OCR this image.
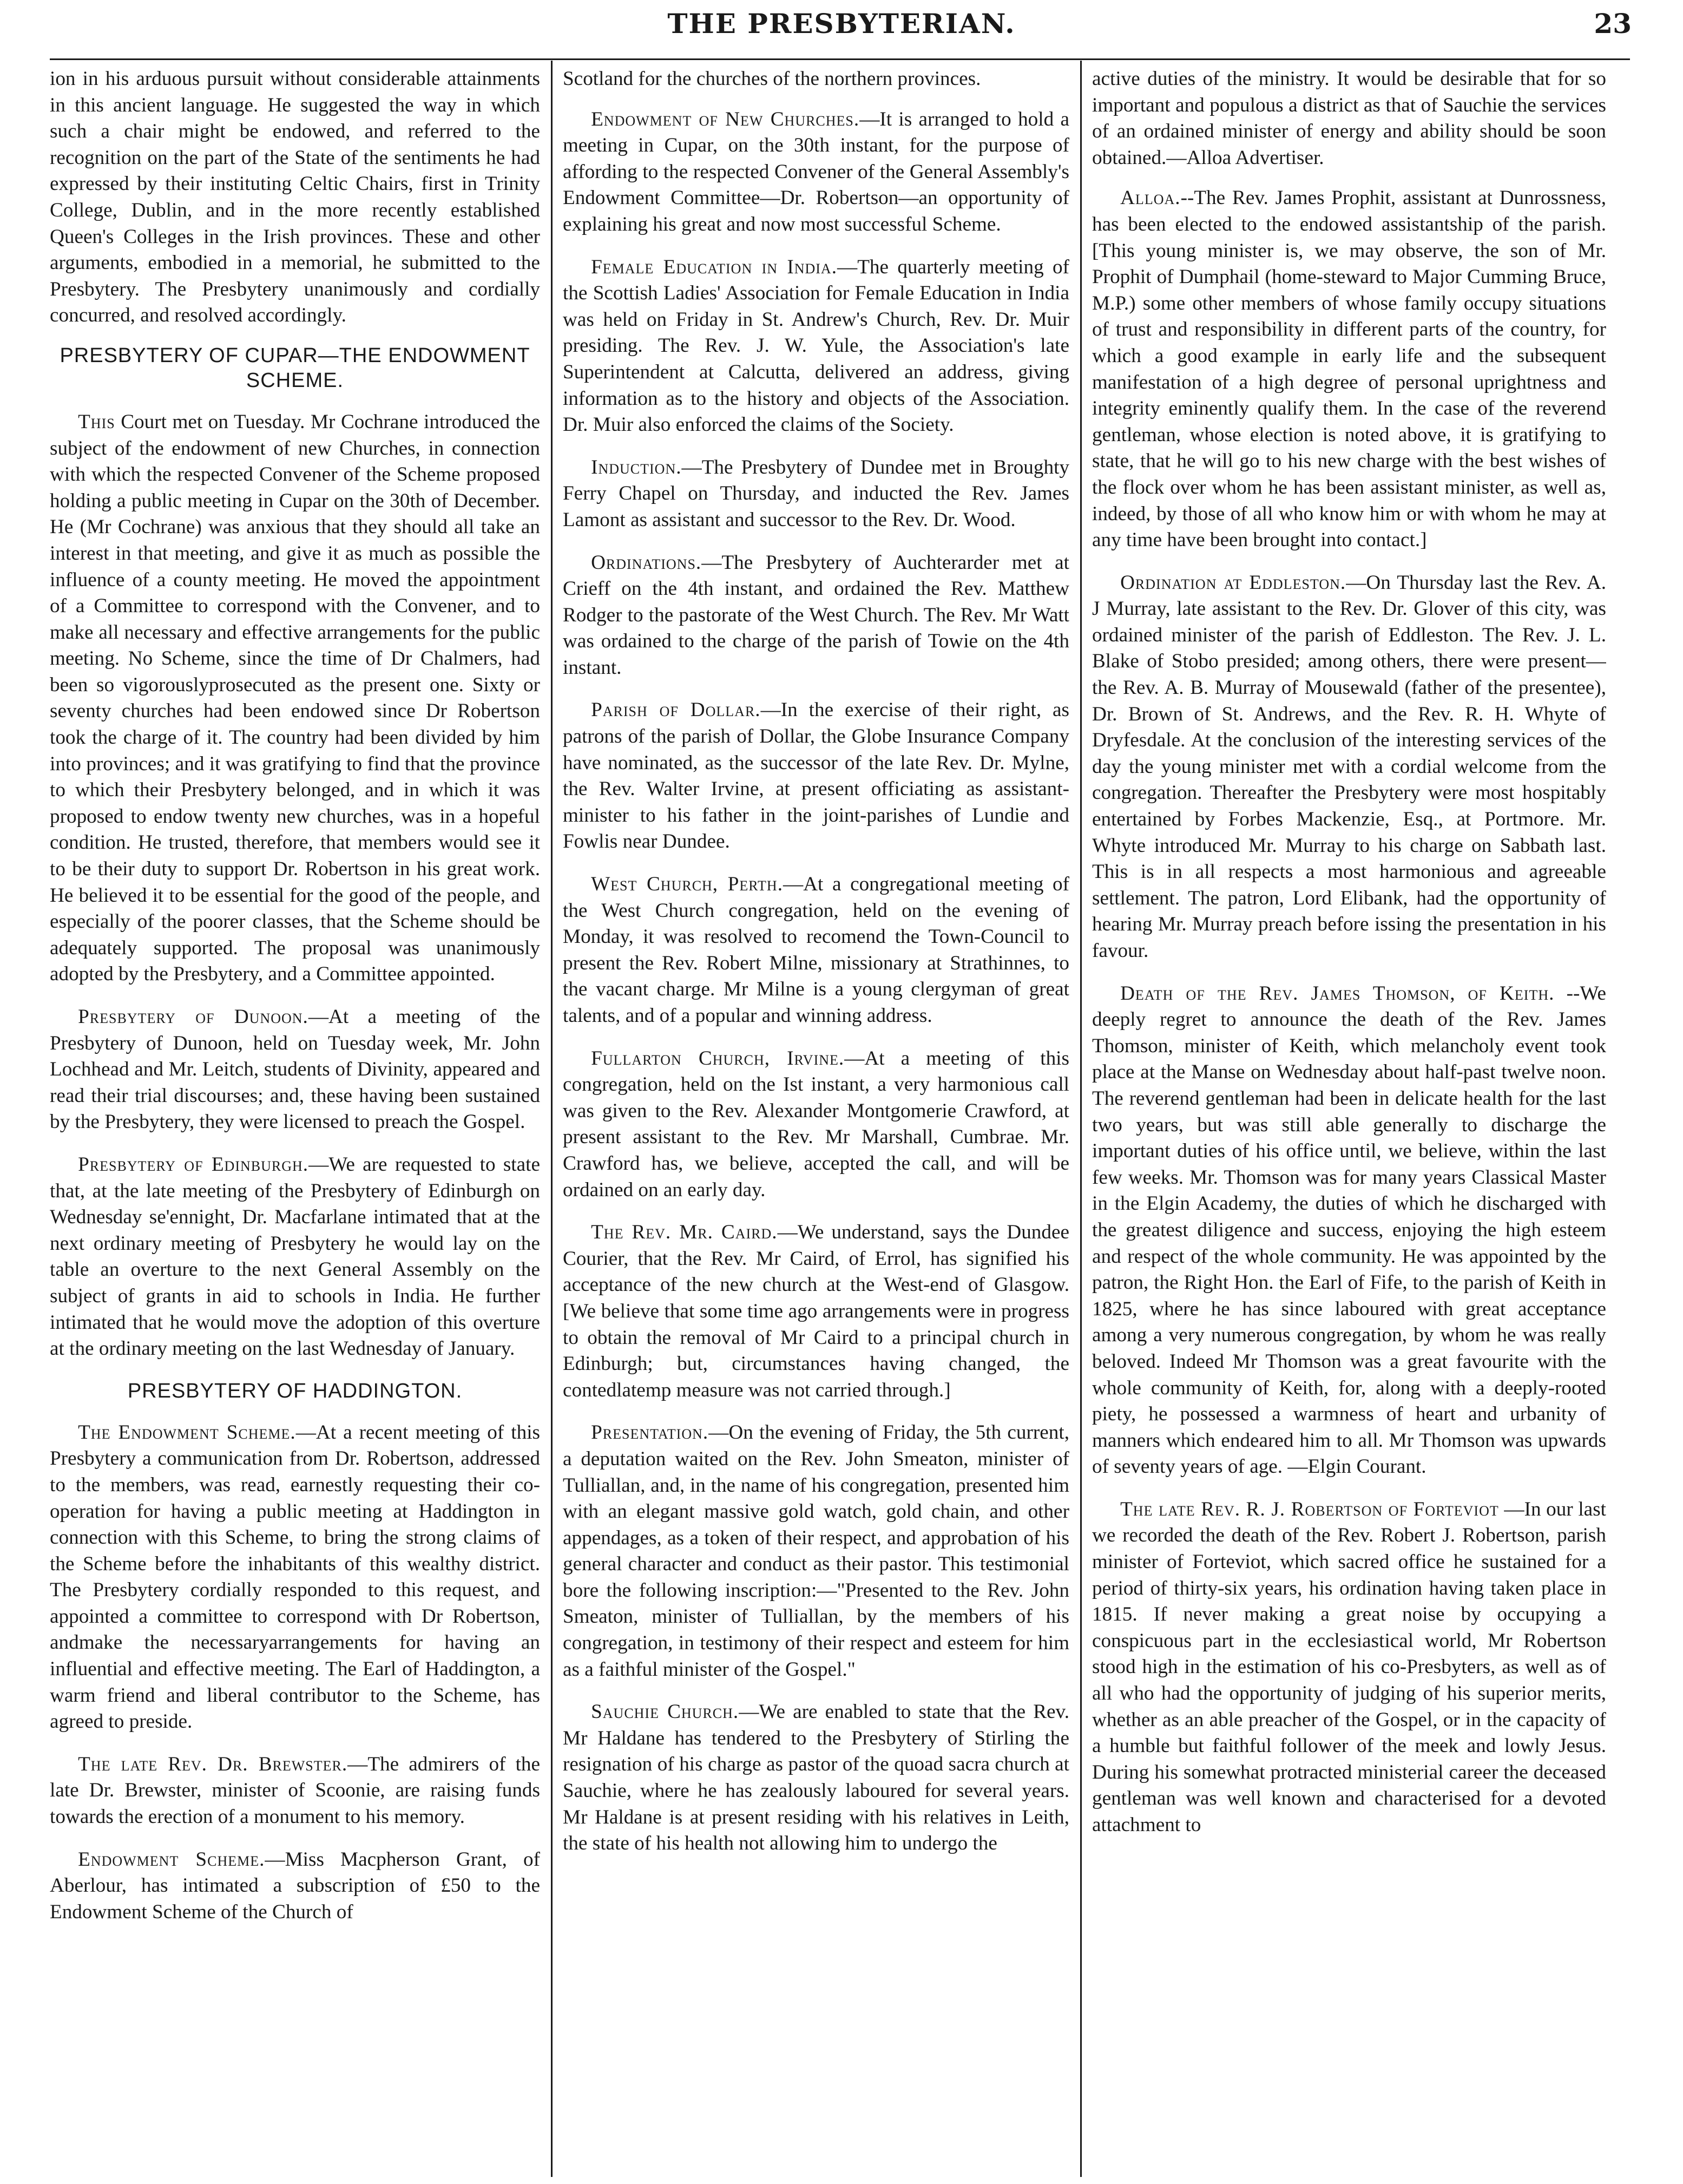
THE PRESBYTERIAN.	23

ion in his arduous pursuit without considerable attainments in this ancient language. He suggested the way in which such a chair might be endowed, and referred to the recognition on the part of the State of the sentiments he had expressed by their instituting Celtic Chairs, first in Trinity College, Dublin, and in the more recently established Queen's Colleges in the Irish provinces. These and other arguments, embodied in a memorial, he submitted to the Presbytery. The Presbytery unanimously and cordially concurred, and resolved accordingly.

PRESBYTERY OF CUPAR—THE ENDOWMENT SCHEME.

This Court met on Tuesday. Mr Cochrane introduced the subject of the endowment of new Churches, in connection with which the respected Convener of the Scheme proposed holding a public meeting in Cupar on the 30th of December. He (Mr Cochrane) was anxious that they should all take an interest in that meeting, and give it as much as possible the influence of a county meeting. He moved the appointment of a Committee to correspond with the Convener, and to make all necessary and effective arrangements for the public meeting. No Scheme, since the time of Dr Chalmers, had been so vigorouslyprosecuted as the present one. Sixty or seventy churches had been endowed since Dr Robertson took the charge of it. The country had been divided by him into provinces; and it was gratifying to find that the province to which their Presbytery belonged, and in which it was proposed to endow twenty new churches, was in a hopeful condition. He trusted, therefore, that members would see it to be their duty to support Dr. Robertson in his great work. He believed it to be essential for the good of the people, and especially of the poorer classes, that the Scheme should be adequately supported. The proposal was unanimously adopted by the Presbytery, and a Committee appointed.

Presbytery of Dunoon.—At a meeting of the Presbytery of Dunoon, held on Tuesday week, Mr. John Lochhead and Mr. Leitch, students of Divinity, appeared and read their trial discourses; and, these having been sustained by the Presbytery, they were licensed to preach the Gospel.

Presbytery of Edinburgh.—We are requested to state that, at the late meeting of the Presbytery of Edinburgh on Wednesday se'ennight, Dr. Macfarlane intimated that at the next ordinary meeting of Presbytery he would lay on the table an overture to the next General Assembly on the subject of grants in aid to schools in India. He further intimated that he would move the adoption of this overture at the ordinary meeting on the last Wednesday of January.

PRESBYTERY OF HADDINGTON.

The Endowment Scheme.—At a recent meeting of this Presbytery a communication from Dr. Robertson, addressed to the members, was read, earnestly requesting their co-operation for having a public meeting at Haddington in connection with this Scheme, to bring the strong claims of the Scheme before the inhabitants of this wealthy district. The Presbytery cordially responded to this request, and appointed a committee to correspond with Dr Robertson, andmake the necessaryarrangements for having an influential and effective meeting. The Earl of Haddington, a warm friend and liberal contributor to the Scheme, has agreed to preside.

The late Rev. Dr. Brewster.—The admirers of the late Dr. Brewster, minister of Scoonie, are raising funds towards the erection of a monument to his memory.

Endowment Scheme.—Miss Macpherson Grant, of Aberlour, has intimated a subscription of £50 to the Endowment Scheme of the Church of

Scotland for the churches of the northern provinces.

Endowment of New Churches.—It is arranged to hold a meeting in Cupar, on the 30th instant, for the purpose of affording to the respected Convener of the General Assembly's Endowment Committee—Dr. Robertson—an opportunity of explaining his great and now most successful Scheme.

Female Education in India.—The quarterly meeting of the Scottish Ladies' Association for Female Education in India was held on Friday in St. Andrew's Church, Rev. Dr. Muir presiding. The Rev. J. W. Yule, the Association's late Superintendent at Calcutta, delivered an address, giving information as to the history and objects of the Association. Dr. Muir also enforced the claims of the Society.

Induction.—The Presbytery of Dundee met in Broughty Ferry Chapel on Thursday, and inducted the Rev. James Lamont as assistant and successor to the Rev. Dr. Wood.

Ordinations.—The Presbytery of Auchterarder met at Crieff on the 4th instant, and ordained the Rev. Matthew Rodger to the pastorate of the West Church. The Rev. Mr Watt was ordained to the charge of the parish of Towie on the 4th instant.

Parish of Dollar.—In the exercise of their right, as patrons of the parish of Dollar, the Globe Insurance Company have nominated, as the successor of the late Rev. Dr. Mylne, the Rev. Walter Irvine, at present officiating as assistant-minister to his father in the joint-parishes of Lundie and Fowlis near Dundee.

West Church, Perth.—At a congregational meeting of the West Church congregation, held on the evening of Monday, it was resolved to recomend the Town-Council to present the Rev. Robert Milne, missionary at Strathinnes, to the vacant charge. Mr Milne is a young clergyman of great talents, and of a popular and winning address.

Fullarton Church, Irvine.—At a meeting of this congregation, held on the Ist instant, a very harmonious call was given to the Rev. Alexander Montgomerie Crawford, at present assistant to the Rev. Mr Marshall, Cumbrae. Mr. Crawford has, we believe, accepted the call, and will be ordained on an early day.

The Rev. Mr. Caird.—We understand, says the Dundee Courier, that the Rev. Mr Caird, of Errol, has signified his acceptance of the new church at the West-end of Glasgow. [We believe that some time ago arrangements were in progress to obtain the removal of Mr Caird to a principal church in Edinburgh; but, circumstances having changed, the contedlatemp measure was not carried through.]

Presentation.—On the evening of Friday, the 5th current, a deputation waited on the Rev. John Smeaton, minister of Tulliallan, and, in the name of his congregation, presented him with an elegant massive gold watch, gold chain, and other appendages, as a token of their respect, and approbation of his general character and conduct as their pastor. This testimonial bore the following inscription:—"Presented to the Rev. John Smeaton, minister of Tulliallan, by the members of his congregation, in testimony of their respect and esteem for him as a faithful minister of the Gospel."

Sauchie Church.—We are enabled to state that the Rev. Mr Haldane has tendered to the Presbytery of Stirling the resignation of his charge as pastor of the quoad sacra church at Sauchie, where he has zealously laboured for several years. Mr Haldane is at present residing with his relatives in Leith, the state of his health not allowing him to undergo the

active duties of the ministry. It would be desirable that for so important and populous a district as that of Sauchie the services of an ordained minister of energy and ability should be soon obtained.—Alloa Advertiser.

Alloa.--The Rev. James Prophit, assistant at Dunrossness, has been elected to the endowed assistantship of the parish. [This young minister is, we may observe, the son of Mr. Prophit of Dumphail (home-steward to Major Cumming Bruce, M.P.) some other members of whose family occupy situations of trust and responsibility in different parts of the country, for which a good example in early life and the subsequent manifestation of a high degree of personal uprightness and integrity eminently qualify them. In the case of the reverend gentleman, whose election is noted above, it is gratifying to state, that he will go to his new charge with the best wishes of the flock over whom he has been assistant minister, as well as, indeed, by those of all who know him or with whom he may at any time have been brought into contact.]

Ordination at Eddleston.—On Thursday last the Rev. A. J Murray, late assistant to the Rev. Dr. Glover of this city, was ordained minister of the parish of Eddleston. The Rev. J. L. Blake of Stobo presided; among others, there were present—the Rev. A. B. Murray of Mousewald (father of the presentee), Dr. Brown of St. Andrews, and the Rev. R. H. Whyte of Dryfesdale. At the conclusion of the interesting services of the day the young minister met with a cordial welcome from the congregation. Thereafter the Presbytery were most hospitably entertained by Forbes Mackenzie, Esq., at Portmore. Mr. Whyte introduced Mr. Murray to his charge on Sabbath last. This is in all respects a most harmonious and agreeable settlement. The patron, Lord Elibank, had the opportunity of hearing Mr. Murray preach before issing the presentation in his favour.

Death of the Rev. James Thomson, of Keith. --We deeply regret to announce the death of the Rev. James Thomson, minister of Keith, which melancholy event took place at the Manse on Wednesday about half-past twelve noon. The reverend gentleman had been in delicate health for the last two years, but was still able generally to discharge the important duties of his office until, we believe, within the last few weeks. Mr. Thomson was for many years Classical Master in the Elgin Academy, the duties of which he discharged with the greatest diligence and success, enjoying the high esteem and respect of the whole community. He was appointed by the patron, the Right Hon. the Earl of Fife, to the parish of Keith in 1825, where he has since laboured with great acceptance among a very numerous congregation, by whom he was really beloved. Indeed Mr Thomson was a great favourite with the whole community of Keith, for, along with a deeply-rooted piety, he possessed a warmness of heart and urbanity of manners which endeared him to all. Mr Thomson was upwards of seventy years of age. —Elgin Courant.

The late Rev. R. J. Robertson of Forteviot —In our last we recorded the death of the Rev. Robert J. Robertson, parish minister of Forteviot, which sacred office he sustained for a period of thirty-six years, his ordination having taken place in 1815. If never making a great noise by occupying a conspicuous part in the ecclesiastical world, Mr Robertson stood high in the estimation of his co-Presbyters, as well as of all who had the opportunity of judging of his superior merits, whether as an able preacher of the Gospel, or in the capacity of a humble but faithful follower of the meek and lowly Jesus. During his somewhat protracted ministerial career the deceased gentleman was well known and characterised for a devoted attachment to
